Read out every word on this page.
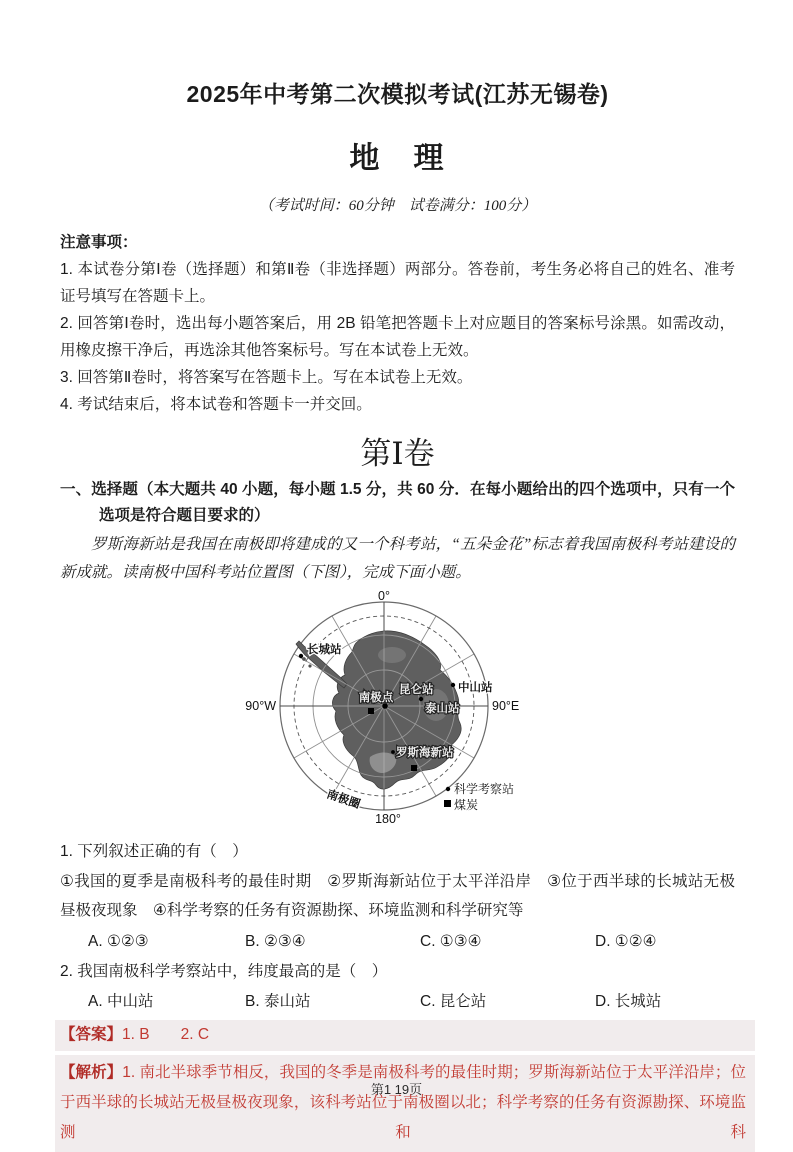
2025年中考第二次模拟考试(江苏无锡卷)
地　理
（考试时间：60分钟　试卷满分：100分）

注意事项：

1. 本试卷分第Ⅰ卷（选择题）和第Ⅱ卷（非选择题）两部分。答卷前，考生务必将自己的姓名、准考证号填写在答题卡上。

2. 回答第Ⅰ卷时，选出每小题答案后，用 2B 铅笔把答题卡上对应题目的答案标号涂黑。如需改动，用橡皮擦干净后，再选涂其他答案标号。写在本试卷上无效。

3. 回答第Ⅱ卷时，将答案写在答题卡上。写在本试卷上无效。

4. 考试结束后，将本试卷和答题卡一并交回。

第Ⅰ卷

一、选择题（本大题共 40 小题，每小题 1.5 分，共 60 分．在每小题给出的四个选项中，只有一个选项是符合题目要求的）

罗斯海新站是我国在南极即将建成的又一个科考站，“五朵金花”标志着我国南极科考站建设的新成就。读南极中国科考站位置图（下图），完成下面小题。

0°
90°W	90°E
180°
长城站
中山站
昆仑站
泰山站
南极点
罗斯海新站
南极圈	科学考察站
煤炭

1. 下列叙述正确的有（　）

①我国的夏季是南极科考的最佳时期　②罗斯海新站位于太平洋沿岸　③位于西半球的长城站无极昼极夜现象　④科学考察的任务有资源勘探、环境监测和科学研究等

A. ①②③	B. ②③④	C. ①③④	D. ①②④

2. 我国南极科学考察站中，纬度最高的是（　）

A. 中山站	B. 泰山站	C. 昆仑站	D. 长城站
【答案】1. B　　2. C
【解析】1. 南北半球季节相反，我国的冬季是南极科考的最佳时期；罗斯海新站位于太平洋沿岸；位于西半球的长城站无极昼极夜现象，该科考站位于南极圈以北；科学考察的任务有资源勘探、环境监测和科
第1 19页
